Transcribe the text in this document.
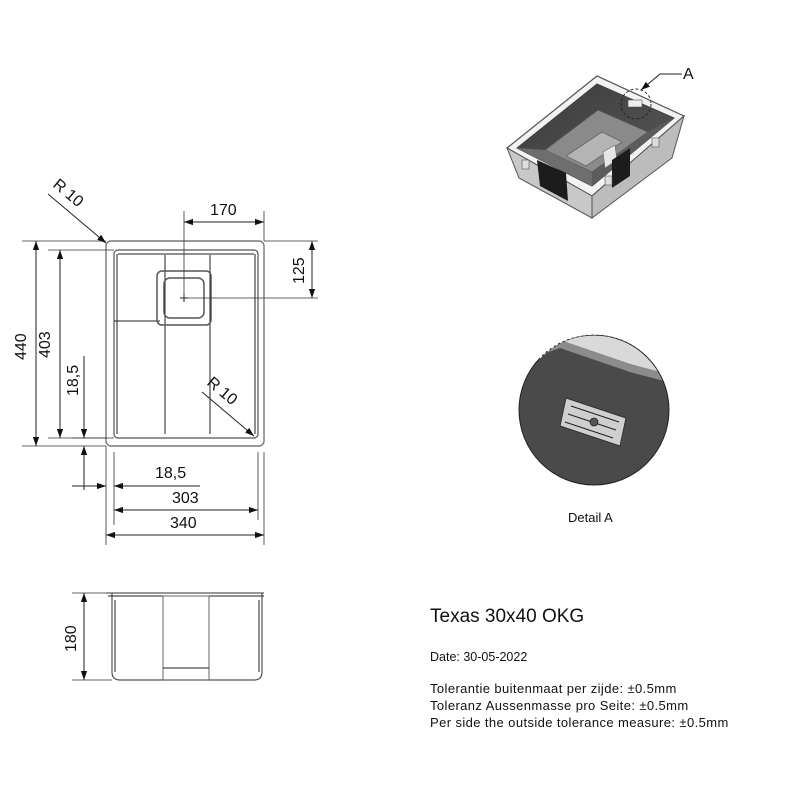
R 10	170
125
440 403
18,5	R 10
18,5
303
340
180
A
Detail A

Texas 30x40 OKG

Date: 30-05-2022

Tolerantie buitenmaat per zijde: ±0.5mm

Toleranz Aussenmasse pro Seite: ±0.5mm

Per side the outside tolerance measure: ±0.5mm
